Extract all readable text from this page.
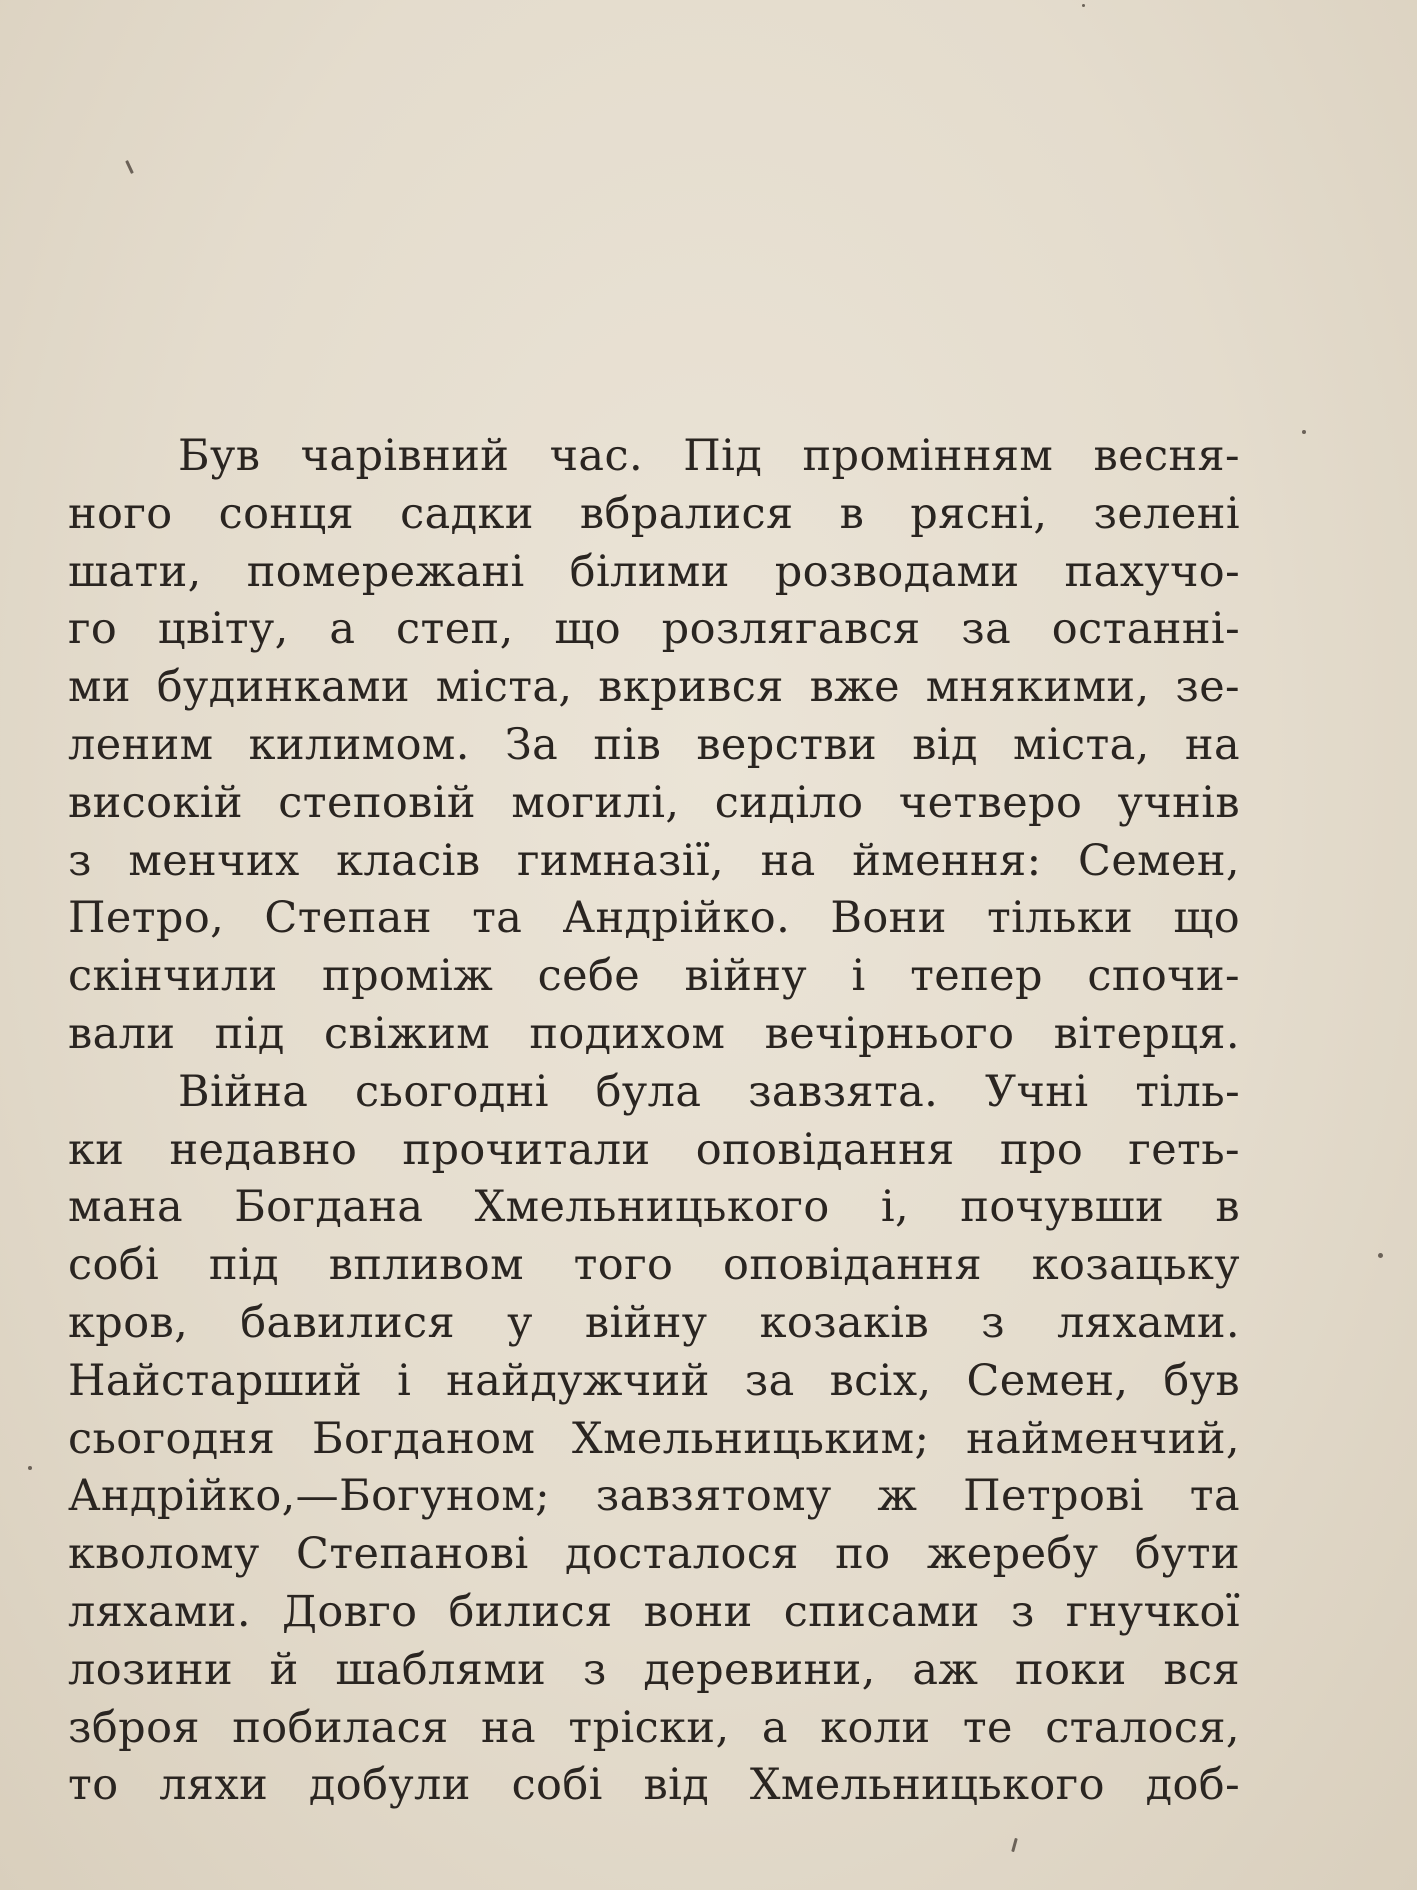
Був чарівний час. Під промінням весня-
ного сонця садки вбралися в рясні, зелені
шати, помережані білими розводами пахучо-
го цвіту, а степ, що розлягався за останні-
ми будинками міста, вкрився вже мнякими, зе-
леним килимом. За пів верстви від міста, на
високій степовій могилі, сиділо четверо учнів
з менчих класів гимназії, на ймення: Семен,
Петро, Степан та Андрійко. Вони тільки що
скінчили проміж себе війну і тепер спочи-
вали під свіжим подихом вечірнього вітерця.
Війна сьогодні була завзята. Учні тіль-
ки недавно прочитали оповідання про геть-
мана Богдана Хмельницького і, почувши в
собі під впливом того оповідання козацьку
кров, бавилися у війну козаків з ляхами.
Найстарший і найдужчий за всіх, Семен, був
сьогодня Богданом Хмельницьким; найменчий,
Андрійко,—Богуном; завзятому ж Петрові та
кволому Степанові досталося по жеребу бути
ляхами. Довго билися вони списами з гнучкої
лозини й шаблями з деревини, аж поки вся
зброя побилася на тріски, а коли те сталося,
то ляхи добули собі від Хмельницького доб-
